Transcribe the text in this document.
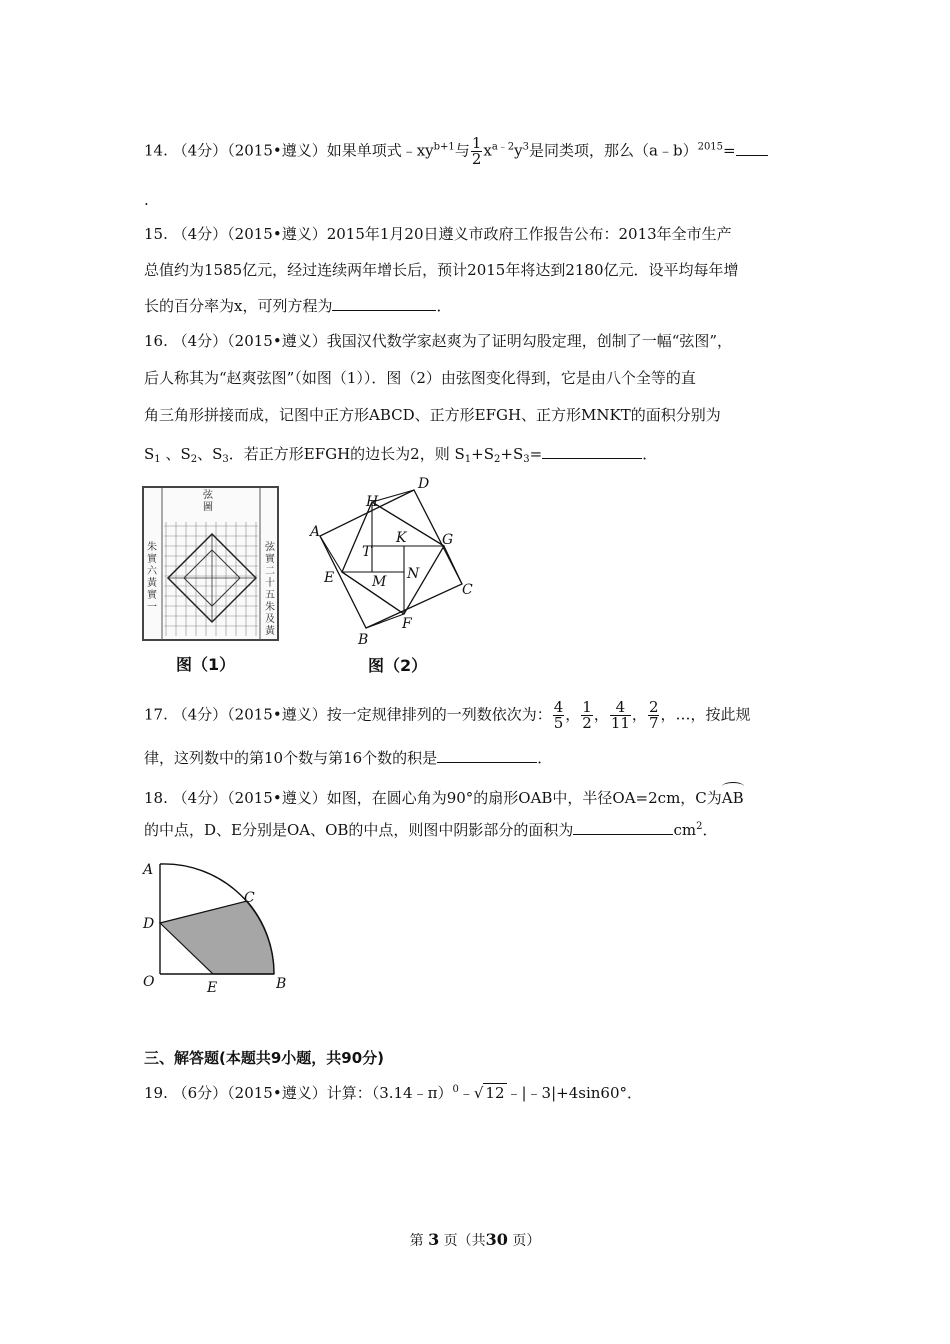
14. （4分）（2015•遵义）如果单项式$﹣xy^{b+1}$与 $\frac{1}{2} x^{a﹣2}y^3$是同类项，那么（a﹣b）$^{2015}$=
.
15. （4分）（2015•遵义）2015年1月20日遵义市政府工作报告公布：2013年全市生产
总值约为1585亿元，经过连续两年增长后，预计2015年将达到2180亿元．设平均每年增
长的百分率为x，可列方程为	．
16. （4分）（2015•遵义）我国汉代数学家赵爽为了证明勾股定理，创制了一幅“弦图”，
后人称其为“赵爽弦图”（如图（1））．图（2）由弦图变化得到，它是由八个全等的直
角三角形拼接而成，记图中正方形ABCD、正方形EFGH、正方形MNKT的面积分别为
$S_1$ 、$S_2$、$S_3$．若正方形EFGH的边长为2，则 $S_1+S_2+S_3=$	．
弦
圖
朱
實
六
黃
實
一
弦
實
二
十
五
朱
及
黃
图（1）
D
H
A	G
K
T
E	M N
C
F
B
图（2）
17. （4分）（2015•遵义）按一定规律排列的一列数依次为： $\frac{4}{5}$ ， $\frac{1}{2}$ ， $\frac{4}{11}$ ， $\frac{2}{7}$ ，…，按此规
律，这列数中的第10个数与第16个数的积是	．
18. （4分）（2015•遵义）如图，在圆心角为90°的扇形OAB中，半径OA=2cm，C为AB
的中点，D、E分别是OA、OB的中点，则图中阴影部分的面积为	$cm^2$．
A
C
D
O	E	B
三、解答题(本题共9小题，共90分)
19. （6分）（2015•遵义）计算：（3.14﹣π）$^0$﹣√ 12 ﹣|﹣3|+4sin60°．
第 3 页（共30 页）
